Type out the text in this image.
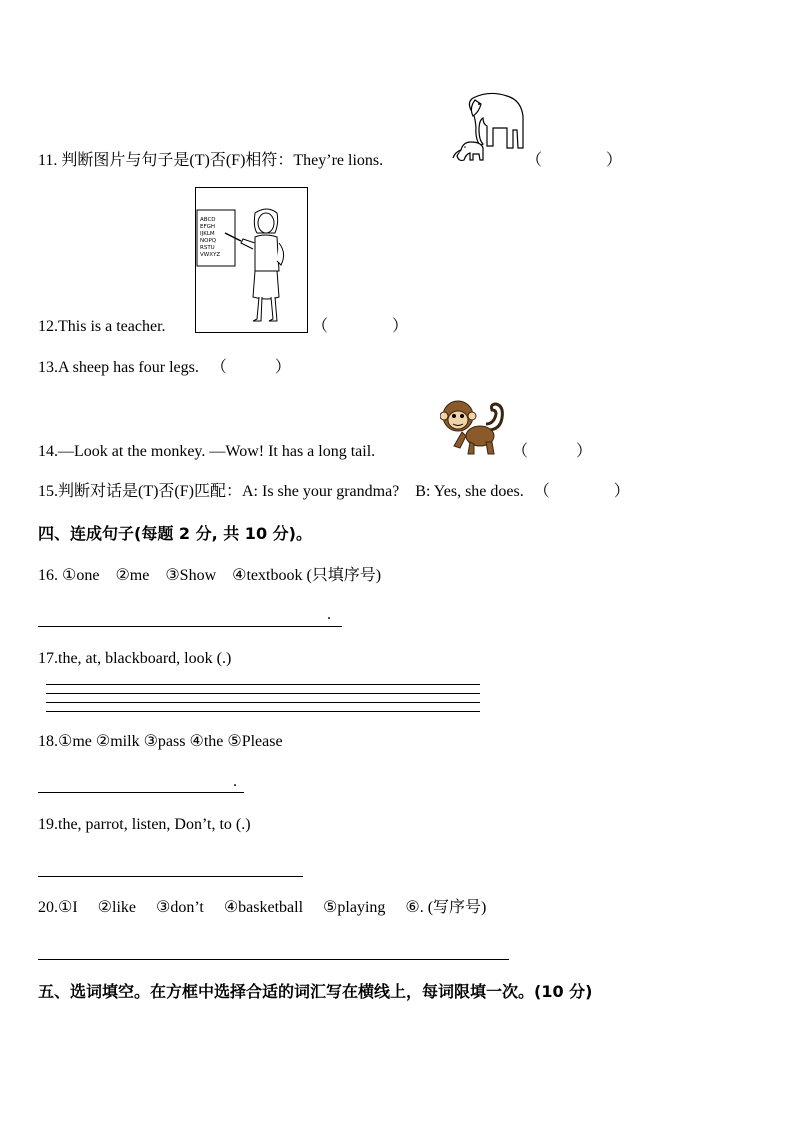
11. 判断图片与句子是(T)否(F)相符：They’re lions.	（　　　　）
ABCD
EFGH
IJKLM
NOPQ
RSTU
VWXYZ
12.This is a teacher.	（　　　　）
13.A sheep has four legs. （　　　）
14.—Look at the monkey. —Wow! It has a long tail.	（　　　）
15.判断对话是(T)否(F)匹配：A: Is she your grandma?　B: Yes, she does. （　　　　）
四、连成句子(每题 2 分, 共 10 分)。
16. ①one　②me　③Show　④textbook (只填序号)
.
17.the, at, blackboard, look (.)
18.①me ②milk ③pass ④the ⑤Please
.
19.the, parrot, listen, Don’t, to (.)
20.①I　 ②like　 ③don’t　 ④basketball　 ⑤playing　 ⑥. (写序号)
五、选词填空。在方框中选择合适的词汇写在横线上，每词限填一次。(10 分)
